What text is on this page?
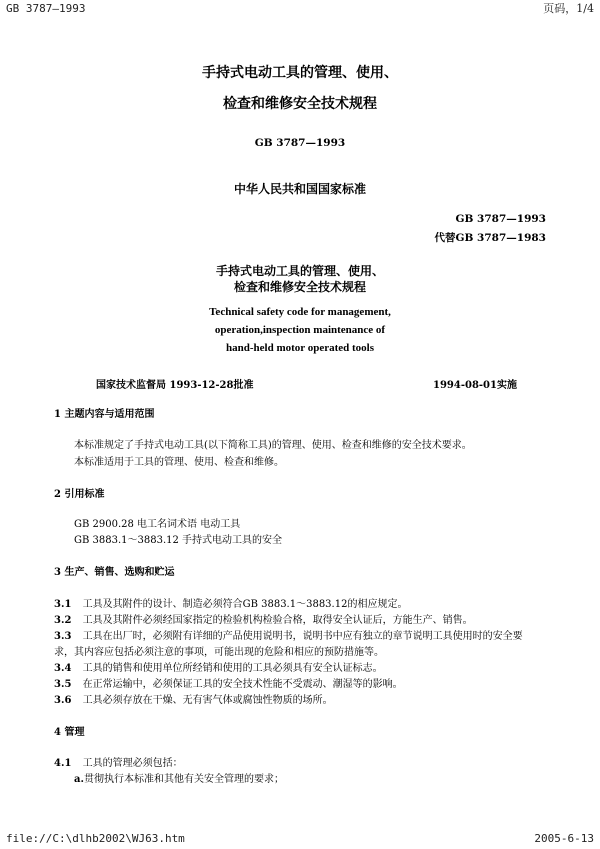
GB 3787—1993	页码，1/4
手持式电动工具的管理、使用、
检查和维修安全技术规程
GB 3787—1993
中华人民共和国国家标准
GB 3787—1993
代替GB 3787—1983
手持式电动工具的管理、使用、
检查和维修安全技术规程
Technical safety code for management,
operation,inspection maintenance of
hand-held motor operated tools
国家技术监督局 1993-12-28批准	1994-08-01实施
1 主题内容与适用范围
本标准规定了手持式电动工具(以下简称工具)的管理、使用、检查和维修的安全技术要求。
本标准适用于工具的管理、使用、检查和维修。
2 引用标准
GB 2900.28 电工名词术语 电动工具
GB 3883.1～3883.12 手持式电动工具的安全
3 生产、销售、选购和贮运
3.1 工具及其附件的设计、制造必须符合GB 3883.1～3883.12的相应规定。
3.2 工具及其附件必须经国家指定的检验机构检验合格，取得安全认证后，方能生产、销售。
3.3 工具在出厂时，必须附有详细的产品使用说明书，说明书中应有独立的章节说明工具使用时的安全要
求，其内容应包括必须注意的事项，可能出现的危险和相应的预防措施等。
3.4 工具的销售和使用单位所经销和使用的工具必须具有安全认证标志。
3.5 在正常运输中，必须保证工具的安全技术性能不受震动、潮湿等的影响。
3.6 工具必须存放在干燥、无有害气体或腐蚀性物质的场所。
4 管理
4.1 工具的管理必须包括：
a.贯彻执行本标准和其他有关安全管理的要求；
file://C:\dlhb2002\WJ63.htm	2005-6-13
